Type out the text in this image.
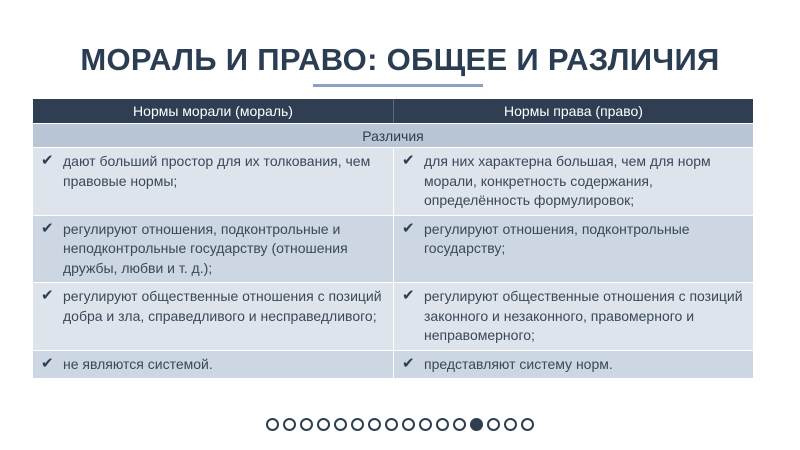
МОРАЛЬ И ПРАВО: ОБЩЕЕ И РАЗЛИЧИЯ
Нормы морали (мораль)	Нормы права (право)
Различия
✔ дают больший простор для их толкования, чем правовые нормы;
✔ для них характерна большая, чем для норм морали, конкретность содержания, определённость формулировок;
✔ регулируют отношения, подконтрольные и неподконтрольные государству (отношения дружбы, любви и т. д.);
✔ регулируют отношения, подконтрольные государству;
✔ регулируют общественные отношения с позиций добра и зла, справедливого и несправедливого;
✔ регулируют общественные отношения с позиций законного и незаконного, правомерного и неправомерного;
✔ не являются системой.	✔ представляют систему норм.
